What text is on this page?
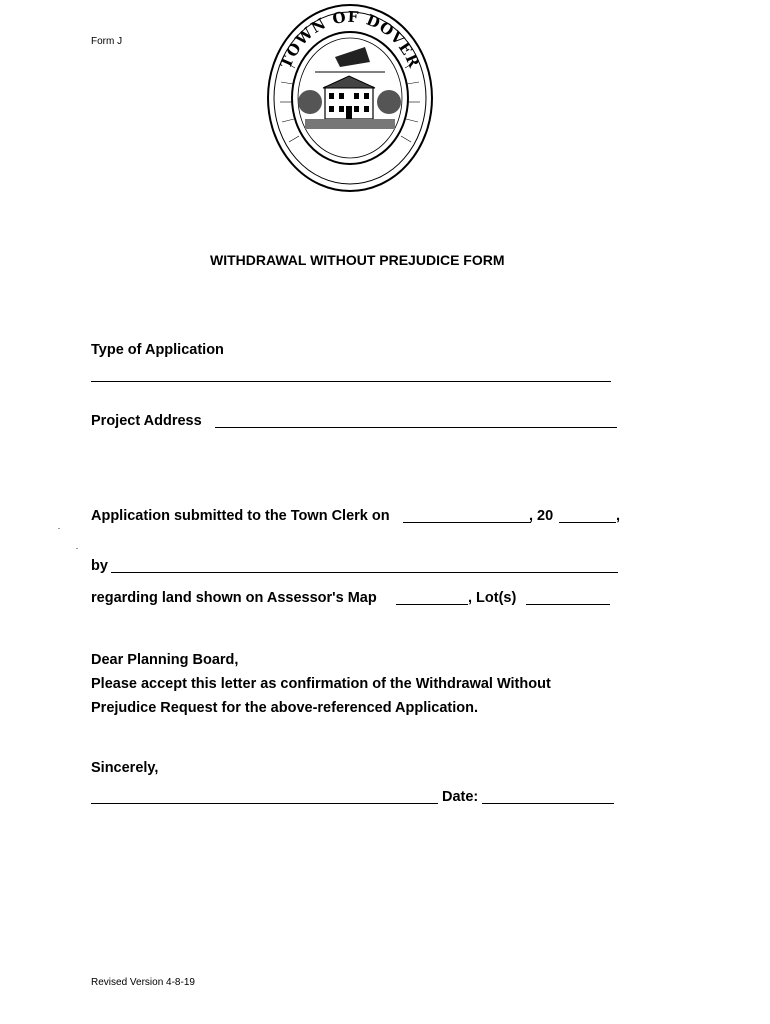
Form J
TOWN OF DOVER
WITHDRAWAL WITHOUT PREJUDICE FORM
Type of Application
Project Address
Application submitted to the Town Clerk on	, 20	,
by
regarding land shown on Assessor's Map	, Lot(s)
Dear Planning Board,
Please accept this letter as confirmation of the Withdrawal Without
Prejudice Request for the above-referenced Application.
Sincerely,
Date:
Revised Version 4-8-19
